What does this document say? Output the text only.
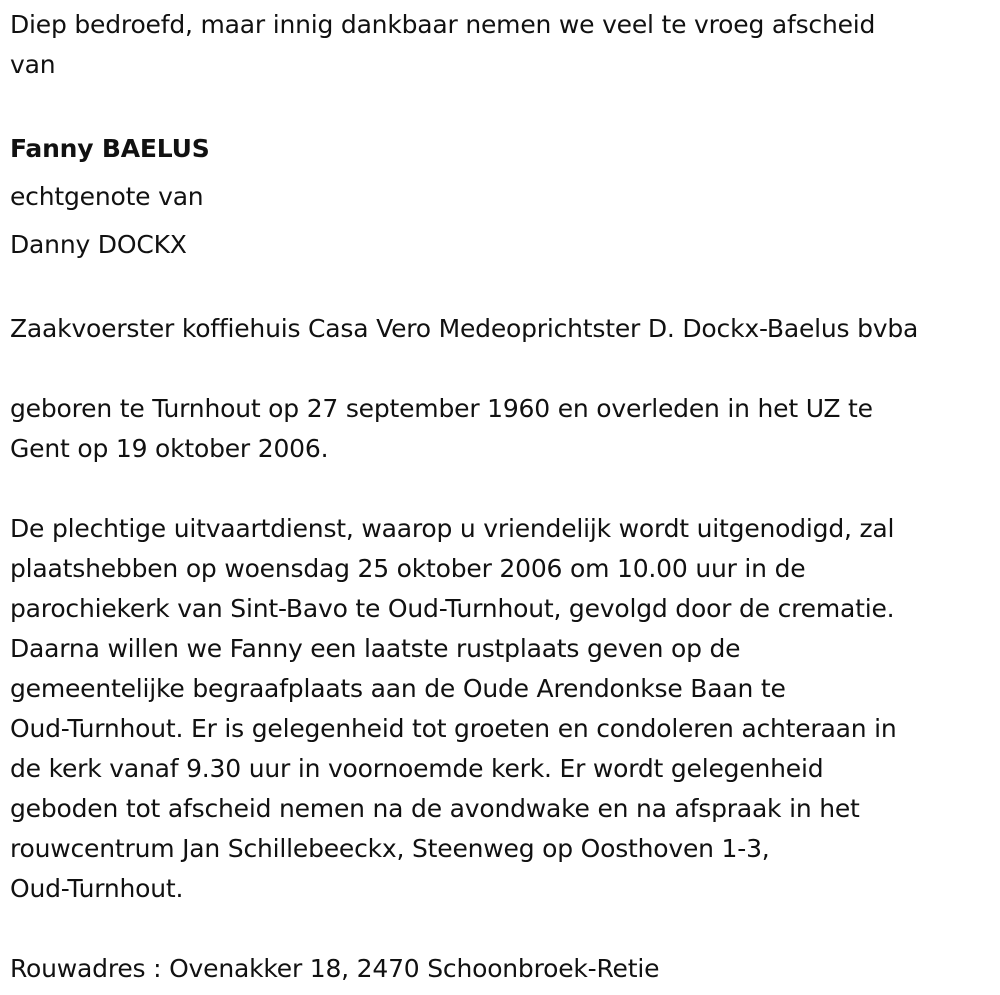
Diep bedroefd, maar innig dankbaar nemen we veel te vroeg afscheid

van

Fanny BAELUS

echtgenote van

Danny DOCKX

Zaakvoerster koffiehuis Casa Vero Medeoprichtster D. Dockx-Baelus bvba

geboren te Turnhout op 27 september 1960 en overleden in het UZ te

Gent op 19 oktober 2006.

De plechtige uitvaartdienst, waarop u vriendelijk wordt uitgenodigd, zal

plaatshebben op woensdag 25 oktober 2006 om 10.00 uur in de

parochiekerk van Sint-Bavo te Oud-Turnhout, gevolgd door de crematie.

Daarna willen we Fanny een laatste rustplaats geven op de

gemeentelijke begraafplaats aan de Oude Arendonkse Baan te

Oud-Turnhout. Er is gelegenheid tot groeten en condoleren achteraan in

de kerk vanaf 9.30 uur in voornoemde kerk. Er wordt gelegenheid

geboden tot afscheid nemen na de avondwake en na afspraak in het

rouwcentrum Jan Schillebeeckx, Steenweg op Oosthoven 1-3,

Oud-Turnhout.

Rouwadres : Ovenakker 18, 2470 Schoonbroek-Retie
